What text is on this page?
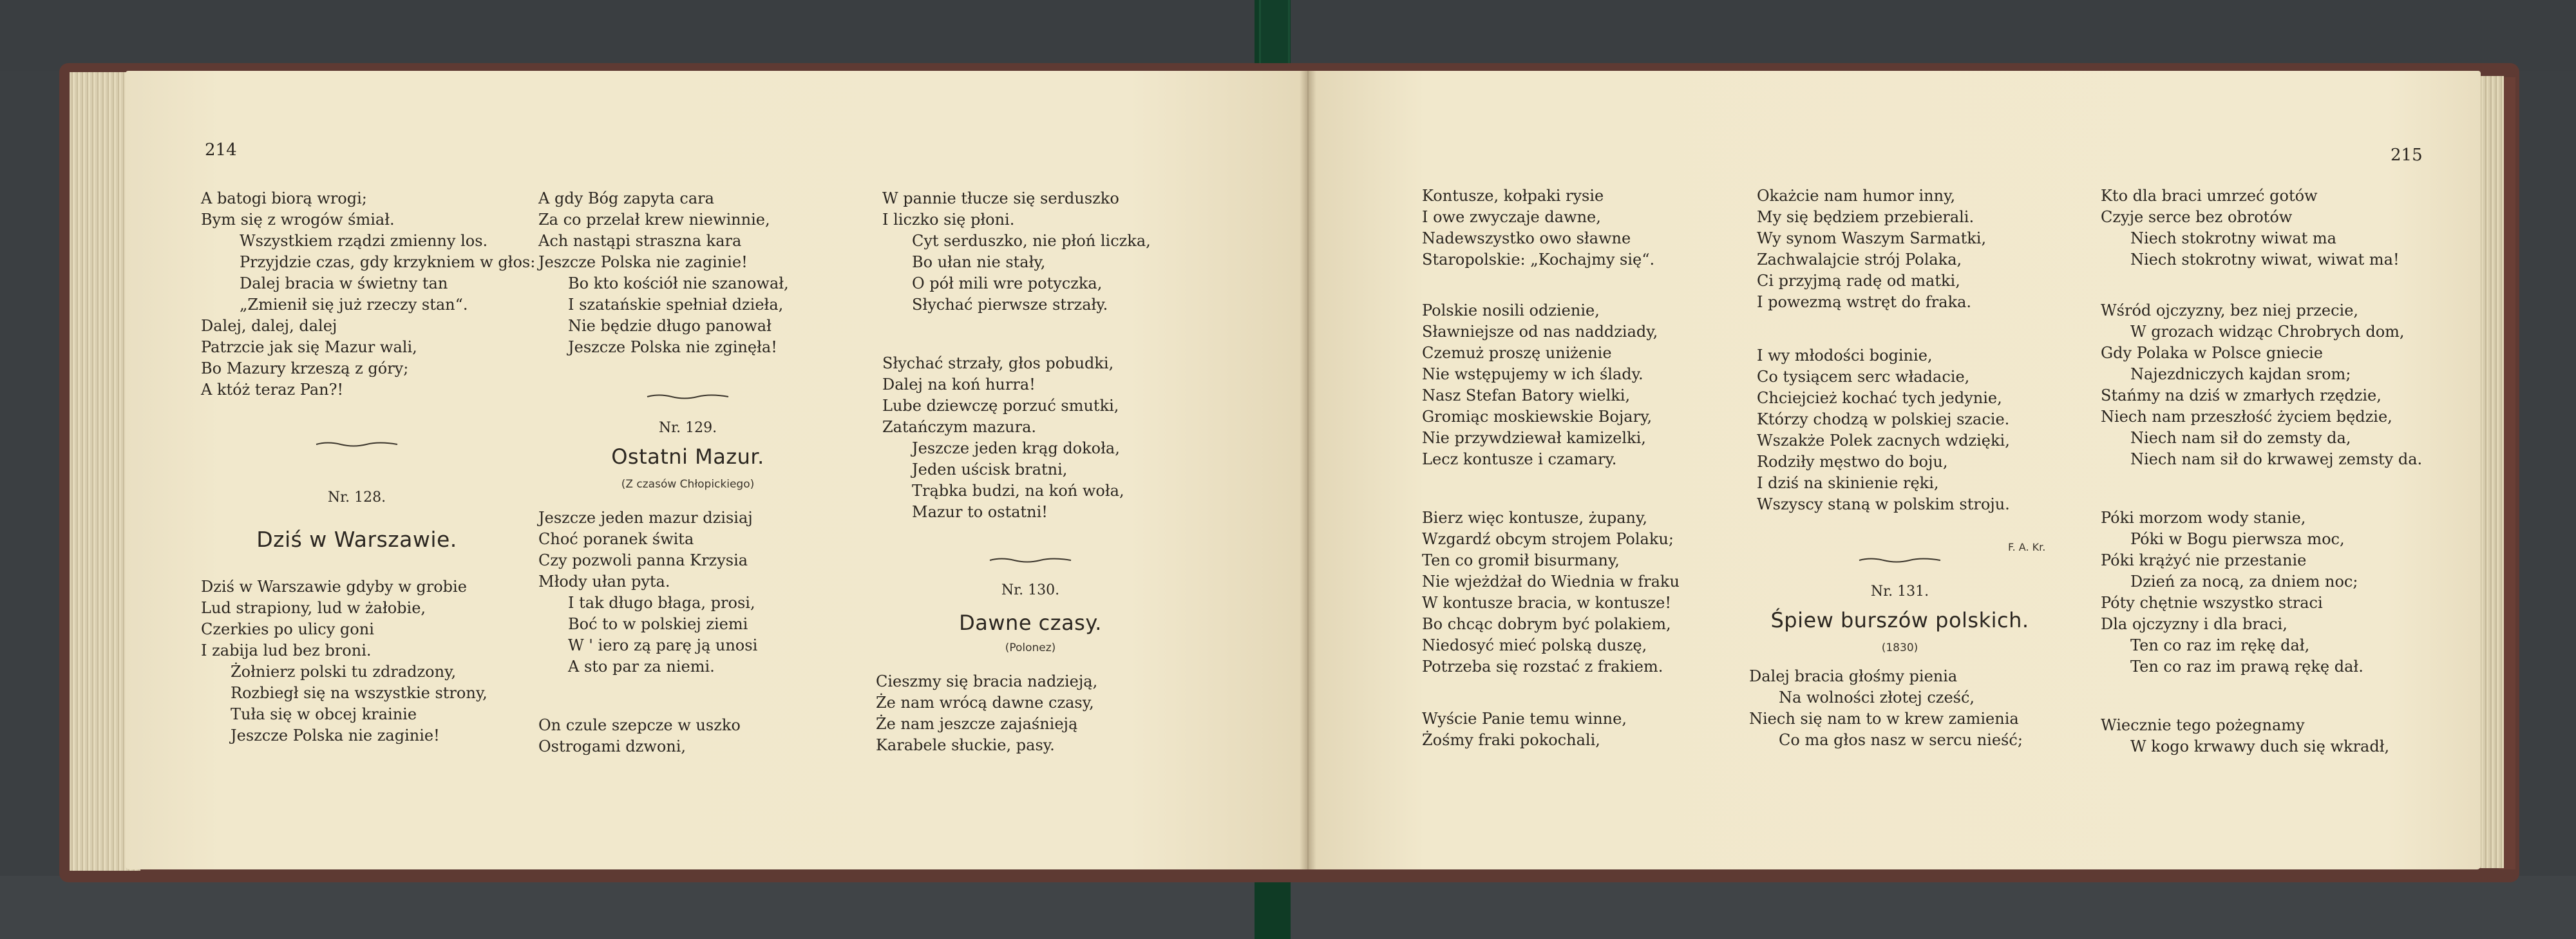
214
A batogi biorą wrogi;
Bym się z wrogów śmiał.
Wszystkiem rządzi zmienny los.
Przyjdzie czas, gdy krzykniem w głos:
Dalej bracia w świetny tan
„Zmienił się już rzeczy stan“.
Dalej, dalej, dalej
Patrzcie jak się Mazur wali,
Bo Mazury krzeszą z góry;
A któż teraz Pan?!
Nr. 128.
Dziś w Warszawie.
Dziś w Warszawie gdyby w grobie
Lud strapiony, lud w żałobie,
Czerkies po ulicy goni
I zabija lud bez broni.
Żołnierz polski tu zdradzony,
Rozbiegł się na wszystkie strony,
Tuła się w obcej krainie
Jeszcze Polska nie zaginie!
A gdy Bóg zapyta cara
Za co przelał krew niewinnie,
Ach nastąpi straszna kara
Jeszcze Polska nie zaginie!
Bo kto kościół nie szanował,
I szatańskie spełniał dzieła,
Nie będzie długo panował
Jeszcze Polska nie zginęła!
Nr. 129.
Ostatni Mazur.
(Z czasów Chłopickiego)
Jeszcze jeden mazur dzisiaj
Choć poranek świta
Czy pozwoli panna Krzysia
Młody ułan pyta.
I tak długo błaga, prosi,
Boć to w polskiej ziemi
W ' iero zą parę ją unosi
A sto par za niemi.
On czule szepcze w uszko
Ostrogami dzwoni,
W pannie tłucze się serduszko
I liczko się płoni.
Cyt serduszko, nie płoń liczka,
Bo ułan nie stały,
O pół mili wre potyczka,
Słychać pierwsze strzały.
Słychać strzały, głos pobudki,
Dalej na koń hurra!
Lube dziewczę porzuć smutki,
Zatańczym mazura.
Jeszcze jeden krąg dokoła,
Jeden uścisk bratni,
Trąbka budzi, na koń woła,
Mazur to ostatni!
Nr. 130.
Dawne czasy.
(Polonez)
Cieszmy się bracia nadzieją,
Że nam wrócą dawne czasy,
Że nam jeszcze zajaśnieją
Karabele słuckie, pasy.
215
Kontusze, kołpaki rysie
I owe zwyczaje dawne,
Nadewszystko owo sławne
Staropolskie: „Kochajmy się“.
Polskie nosili odzienie,
Sławniejsze od nas naddziady,
Czemuż proszę uniżenie
Nie wstępujemy w ich ślady.
Nasz Stefan Batory wielki,
Gromiąc moskiewskie Bojary,
Nie przywdziewał kamizelki,
Lecz kontusze i czamary.
Bierz więc kontusze, żupany,
Wzgardź obcym strojem Polaku;
Ten co gromił bisurmany,
Nie wjeżdżał do Wiednia w fraku
W kontusze bracia, w kontusze!
Bo chcąc dobrym być polakiem,
Niedosyć mieć polską duszę,
Potrzeba się rozstać z frakiem.
Wyście Panie temu winne,
Żośmy fraki pokochali,
Okażcie nam humor inny,
My się będziem przebierali.
Wy synom Waszym Sarmatki,
Zachwalajcie strój Polaka,
Ci przyjmą radę od matki,
I powezmą wstręt do fraka.
I wy młodości bogini̇e,
Co tysiącem serc władacie,
Chciejcież kochać tych jedynie,
Którzy chodzą w polskiej szacie.
Wszakże Polek zacnych wdzięki,
Rodziły męstwo do boju,
I dziś na skinienie ręki,
Wszyscy staną w polskim stroju.
F. A. Kr.
Nr. 131.
Śpiew burszów polskich.
(1830)
Dalej bracia głośmy pienia
Na wolności złotej cześć,
Niech się nam to w krew zamienia
Co ma głos nasz w sercu nieść;
Kto dla braci umrzeć gotów
Czyje serce bez obrotów
Niech stokrotny wiwat ma
Niech stokrotny wiwat, wiwat ma!
Wśród ojczyzny, bez niej przecie,
W grozach widząc Chrobrych dom,
Gdy Polaka w Polsce gniecie
Najezdniczych kajdan srom;
Stańmy na dziś w zmarłych rzędzie,
Niech nam przeszłość życiem będzie,
Niech nam sił do zemsty da,
Niech nam sił do krwawej zemsty da.
Póki morzom wody stanie,
Póki w Bogu pierwsza moc,
Póki krążyć nie przestanie
Dzień za nocą, za dniem noc;
Póty chętnie wszystko straci
Dla ojczyzny i dla braci,
Ten co raz im rękę dał,
Ten co raz im prawą rękę dał.
Wiecznie tego pożegnamy
W kogo krwawy duch się wkradł,
